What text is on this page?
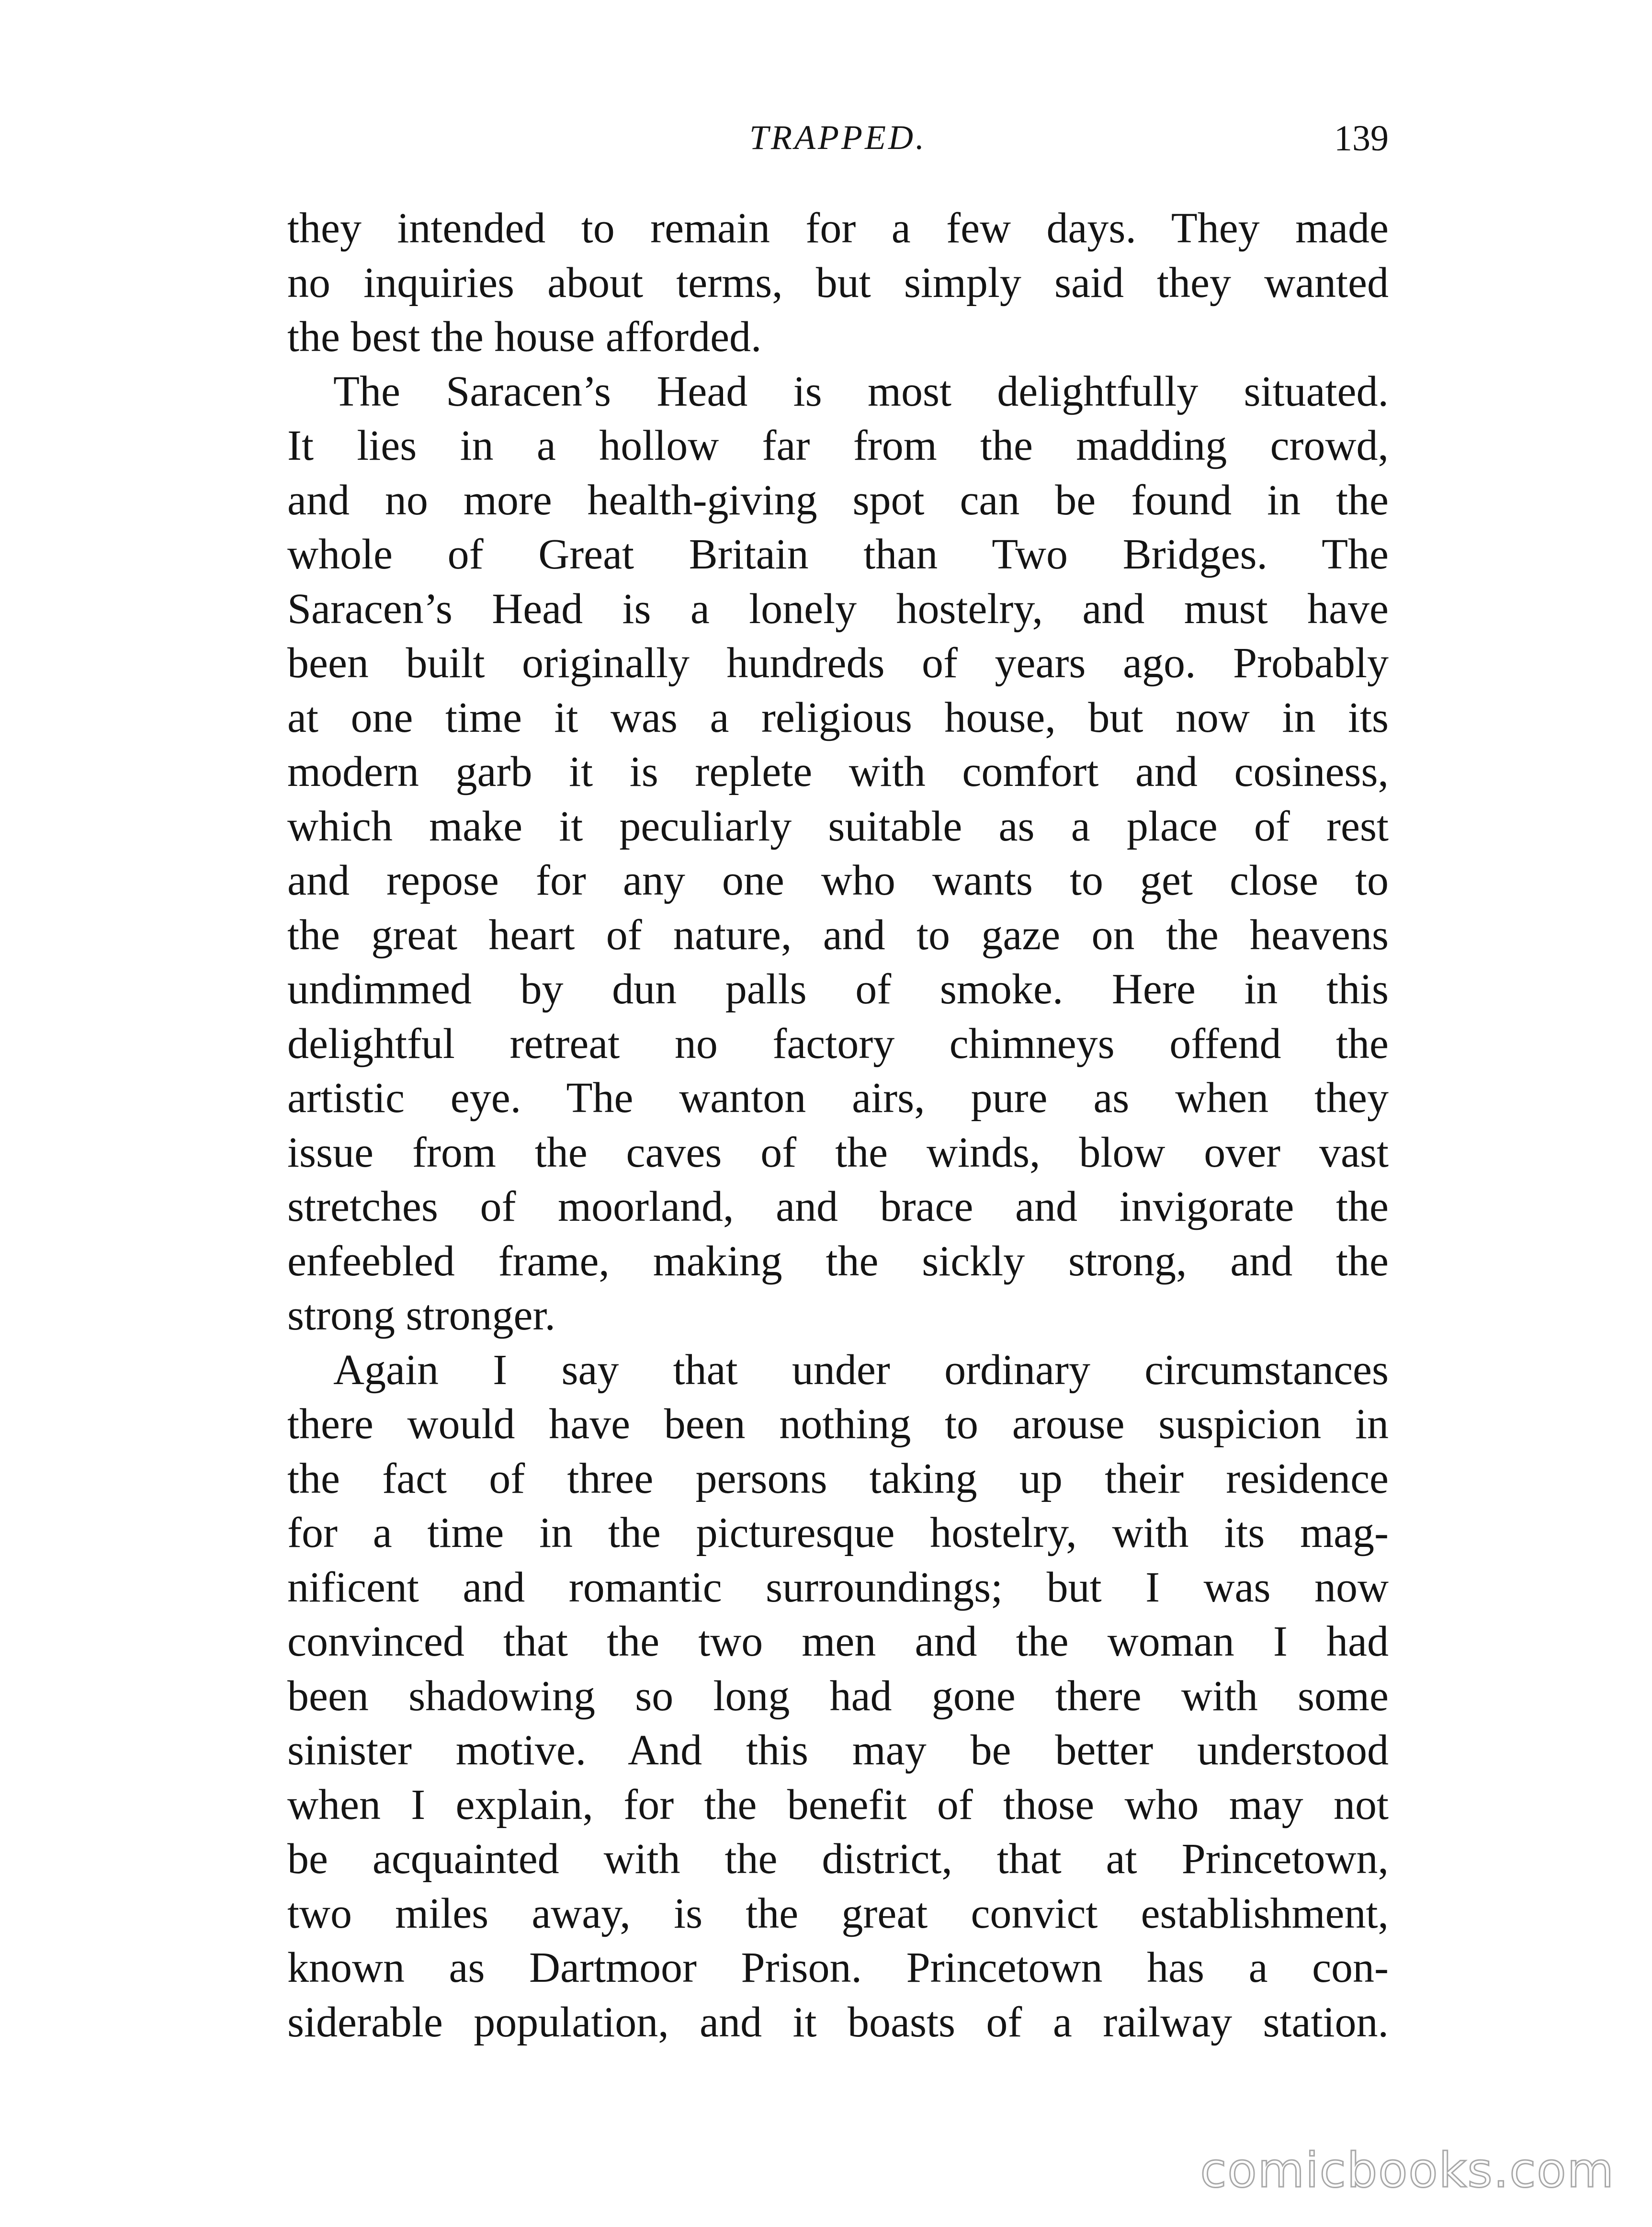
TRAPPED.	139
they intended to remain for a few days. They made
no inquiries about terms, but simply said they wanted
the best the house afforded.
The Saracen’s Head is most delightfully situated.
It lies in a hollow far from the madding crowd,
and no more health-giving spot can be found in the
whole of Great Britain than Two Bridges. The
Saracen’s Head is a lonely hostelry, and must have
been built originally hundreds of years ago. Probably
at one time it was a religious house, but now in its
modern garb it is replete with comfort and cosiness,
which make it peculiarly suitable as a place of rest
and repose for any one who wants to get close to
the great heart of nature, and to gaze on the heavens
undimmed by dun palls of smoke. Here in this
delightful retreat no factory chimneys offend the
artistic eye. The wanton airs, pure as when they
issue from the caves of the winds, blow over vast
stretches of moorland, and brace and invigorate the
enfeebled frame, making the sickly strong, and the
strong stronger.
Again I say that under ordinary circumstances
there would have been nothing to arouse suspicion in
the fact of three persons taking up their residence
for a time in the picturesque hostelry, with its mag-
nificent and romantic surroundings; but I was now
convinced that the two men and the woman I had
been shadowing so long had gone there with some
sinister motive. And this may be better understood
when I explain, for the benefit of those who may not
be acquainted with the district, that at Princetown,
two miles away, is the great convict establishment,
known as Dartmoor Prison. Princetown has a con-
siderable population, and it boasts of a railway station.
comicbooks.com
